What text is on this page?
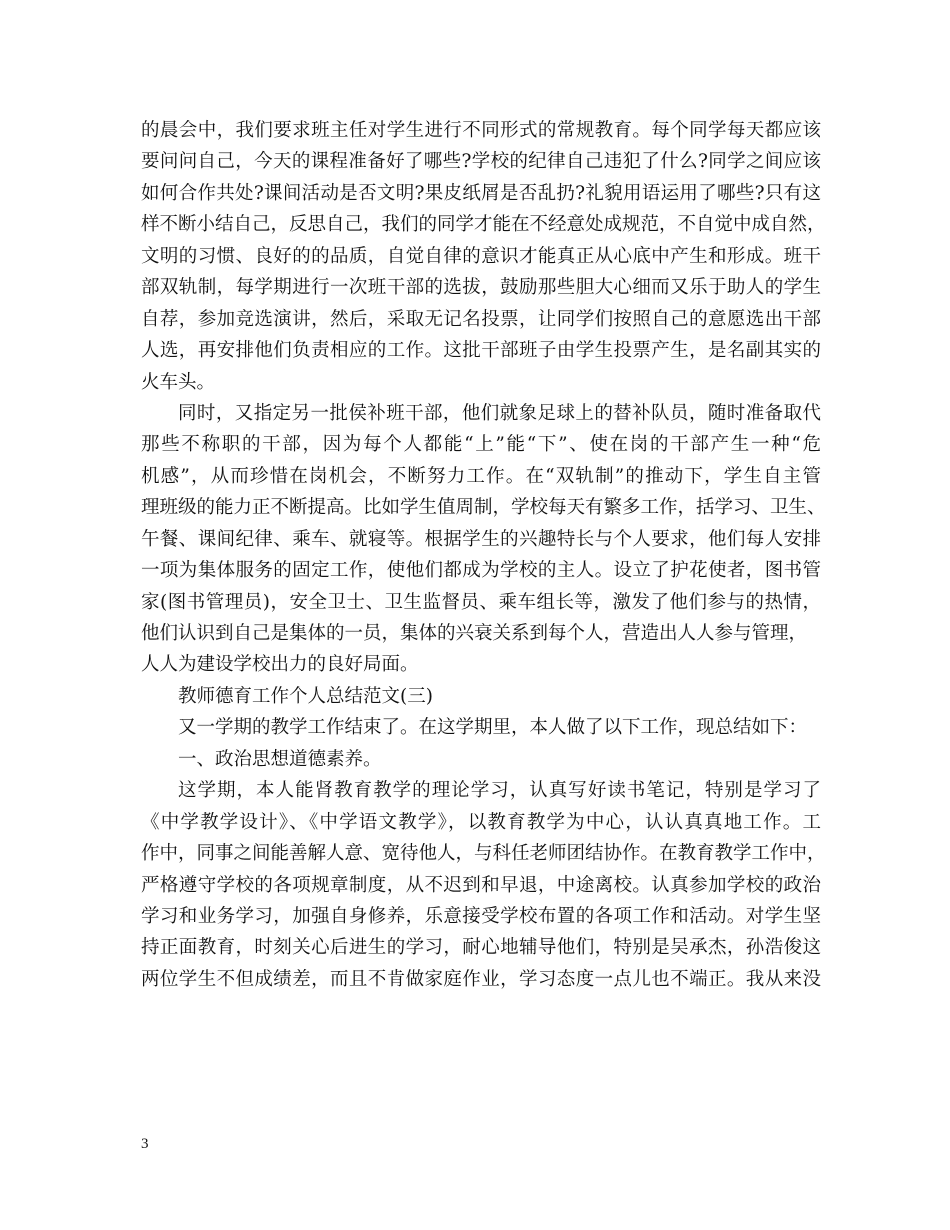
的晨会中，我们要求班主任对学生进行不同形式的常规教育。每个同学每天都应该
要问问自己，今天的课程准备好了哪些?学校的纪律自己违犯了什么?同学之间应该
如何合作共处?课间活动是否文明?果皮纸屑是否乱扔?礼貌用语运用了哪些?只有这
样不断小结自己，反思自己，我们的同学才能在不经意处成规范，不自觉中成自然，
文明的习惯、良好的的品质，自觉自律的意识才能真正从心底中产生和形成。班干
部双轨制，每学期进行一次班干部的选拔，鼓励那些胆大心细而又乐于助人的学生
自荐，参加竞选演讲，然后，采取无记名投票，让同学们按照自己的意愿选出干部
人选，再安排他们负责相应的工作。这批干部班子由学生投票产生，是名副其实的
火车头。
同时，又指定另一批侯补班干部，他们就象足球上的替补队员，随时准备取代
那些不称职的干部，因为每个人都能“上”能“下”、使在岗的干部产生一种“危
机感”，从而珍惜在岗机会，不断努力工作。在“双轨制”的推动下，学生自主管
理班级的能力正不断提高。比如学生值周制，学校每天有繁多工作，括学习、卫生、
午餐、课间纪律、乘车、就寝等。根据学生的兴趣特长与个人要求，他们每人安排
一项为集体服务的固定工作，使他们都成为学校的主人。设立了护花使者，图书管
家(图书管理员)，安全卫士、卫生监督员、乘车组长等，激发了他们参与的热情，
他们认识到自己是集体的一员，集体的兴衰关系到每个人，营造出人人参与管理，
人人为建设学校出力的良好局面。
教师德育工作个人总结范文(三)
又一学期的教学工作结束了。在这学期里，本人做了以下工作，现总结如下：
一、政治思想道德素养。
这学期，本人能肾教育教学的理论学习，认真写好读书笔记，特别是学习了
《中学教学设计》、《中学语文教学》，以教育教学为中心，认认真真地工作。工
作中，同事之间能善解人意、宽待他人，与科任老师团结协作。在教育教学工作中，
严格遵守学校的各项规章制度，从不迟到和早退，中途离校。认真参加学校的政治
学习和业务学习，加强自身修养，乐意接受学校布置的各项工作和活动。对学生坚
持正面教育，时刻关心后进生的学习，耐心地辅导他们，特别是吴承杰，孙浩俊这
两位学生不但成绩差，而且不肯做家庭作业，学习态度一点儿也不端正。我从来没
3
